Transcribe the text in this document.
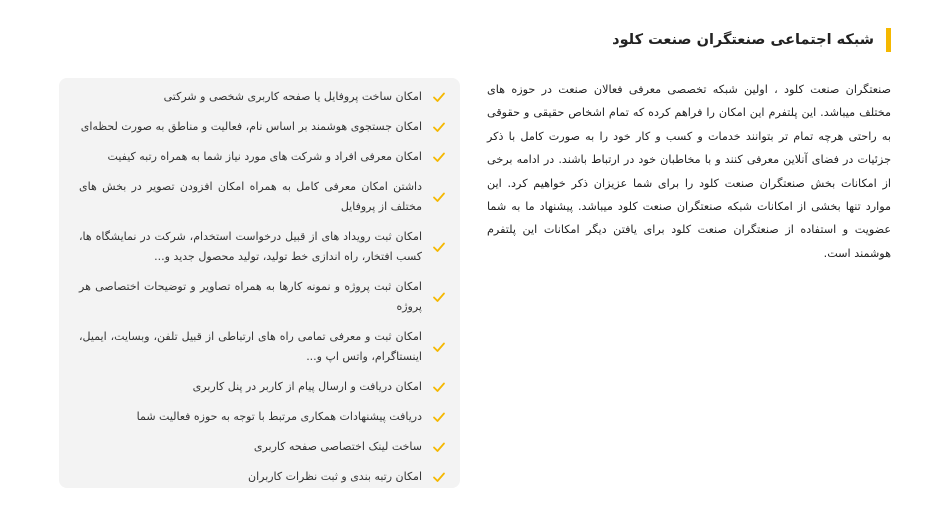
شبکه اجتماعی صنعتگران صنعت کلود
صنعتگران صنعت کلود ، اولین شبکه تخصصی معرفی فعالان صنعت در حوزه های مختلف میباشد. این پلتفرم این امکان را فراهم کرده که تمام اشخاص حقیقی و حقوقی به راحتی هرچه تمام تر بتوانند خدمات و کسب و کار خود را به صورت کامل با ذکر جزئیات در فضای آنلاین معرفی کنند و با مخاطبان خود در ارتباط باشند. در ادامه برخی از امکانات بخش صنعتگران صنعت کلود را برای شما عزیزان ذکر خواهیم کرد. این موارد تنها بخشی از امکانات شبکه صنعتگران صنعت کلود میباشد. پیشنهاد ما به شما عضویت و استفاده از صنعتگران صنعت کلود برای یافتن دیگر امکانات این پلتفرم هوشمند است.
امکان ساخت پروفایل یا صفحه کاربری شخصی و شرکتی
امکان جستجوی هوشمند بر اساس نام، فعالیت و مناطق به صورت لحظه‌ای
امکان معرفی افراد و شرکت های مورد نیاز شما به همراه رتبه کیفیت
داشتن امکان معرفی کامل به همراه امکان افزودن تصویر در بخش های مختلف از پروفایل
امکان ثبت رویداد های از قبیل درخواست استخدام، شرکت در نمایشگاه ها، کسب افتخار، راه اندازی خط تولید، تولید محصول جدید و...
امکان ثبت پروژه و نمونه کارها به همراه تصاویر و توضیحات اختصاصی هر پروژه
امکان ثبت و معرفی تمامی راه های ارتباطی از قبیل تلفن، وبسایت، ایمیل، اینستاگرام، واتس اپ و...
امکان دریافت و ارسال پیام از کاربر در پنل کاربری
دریافت پیشنهادات همکاری مرتبط با توجه به حوزه فعالیت شما
ساخت لینک اختصاصی صفحه کاربری
امکان رتبه بندی و ثبت نظرات کاربران
